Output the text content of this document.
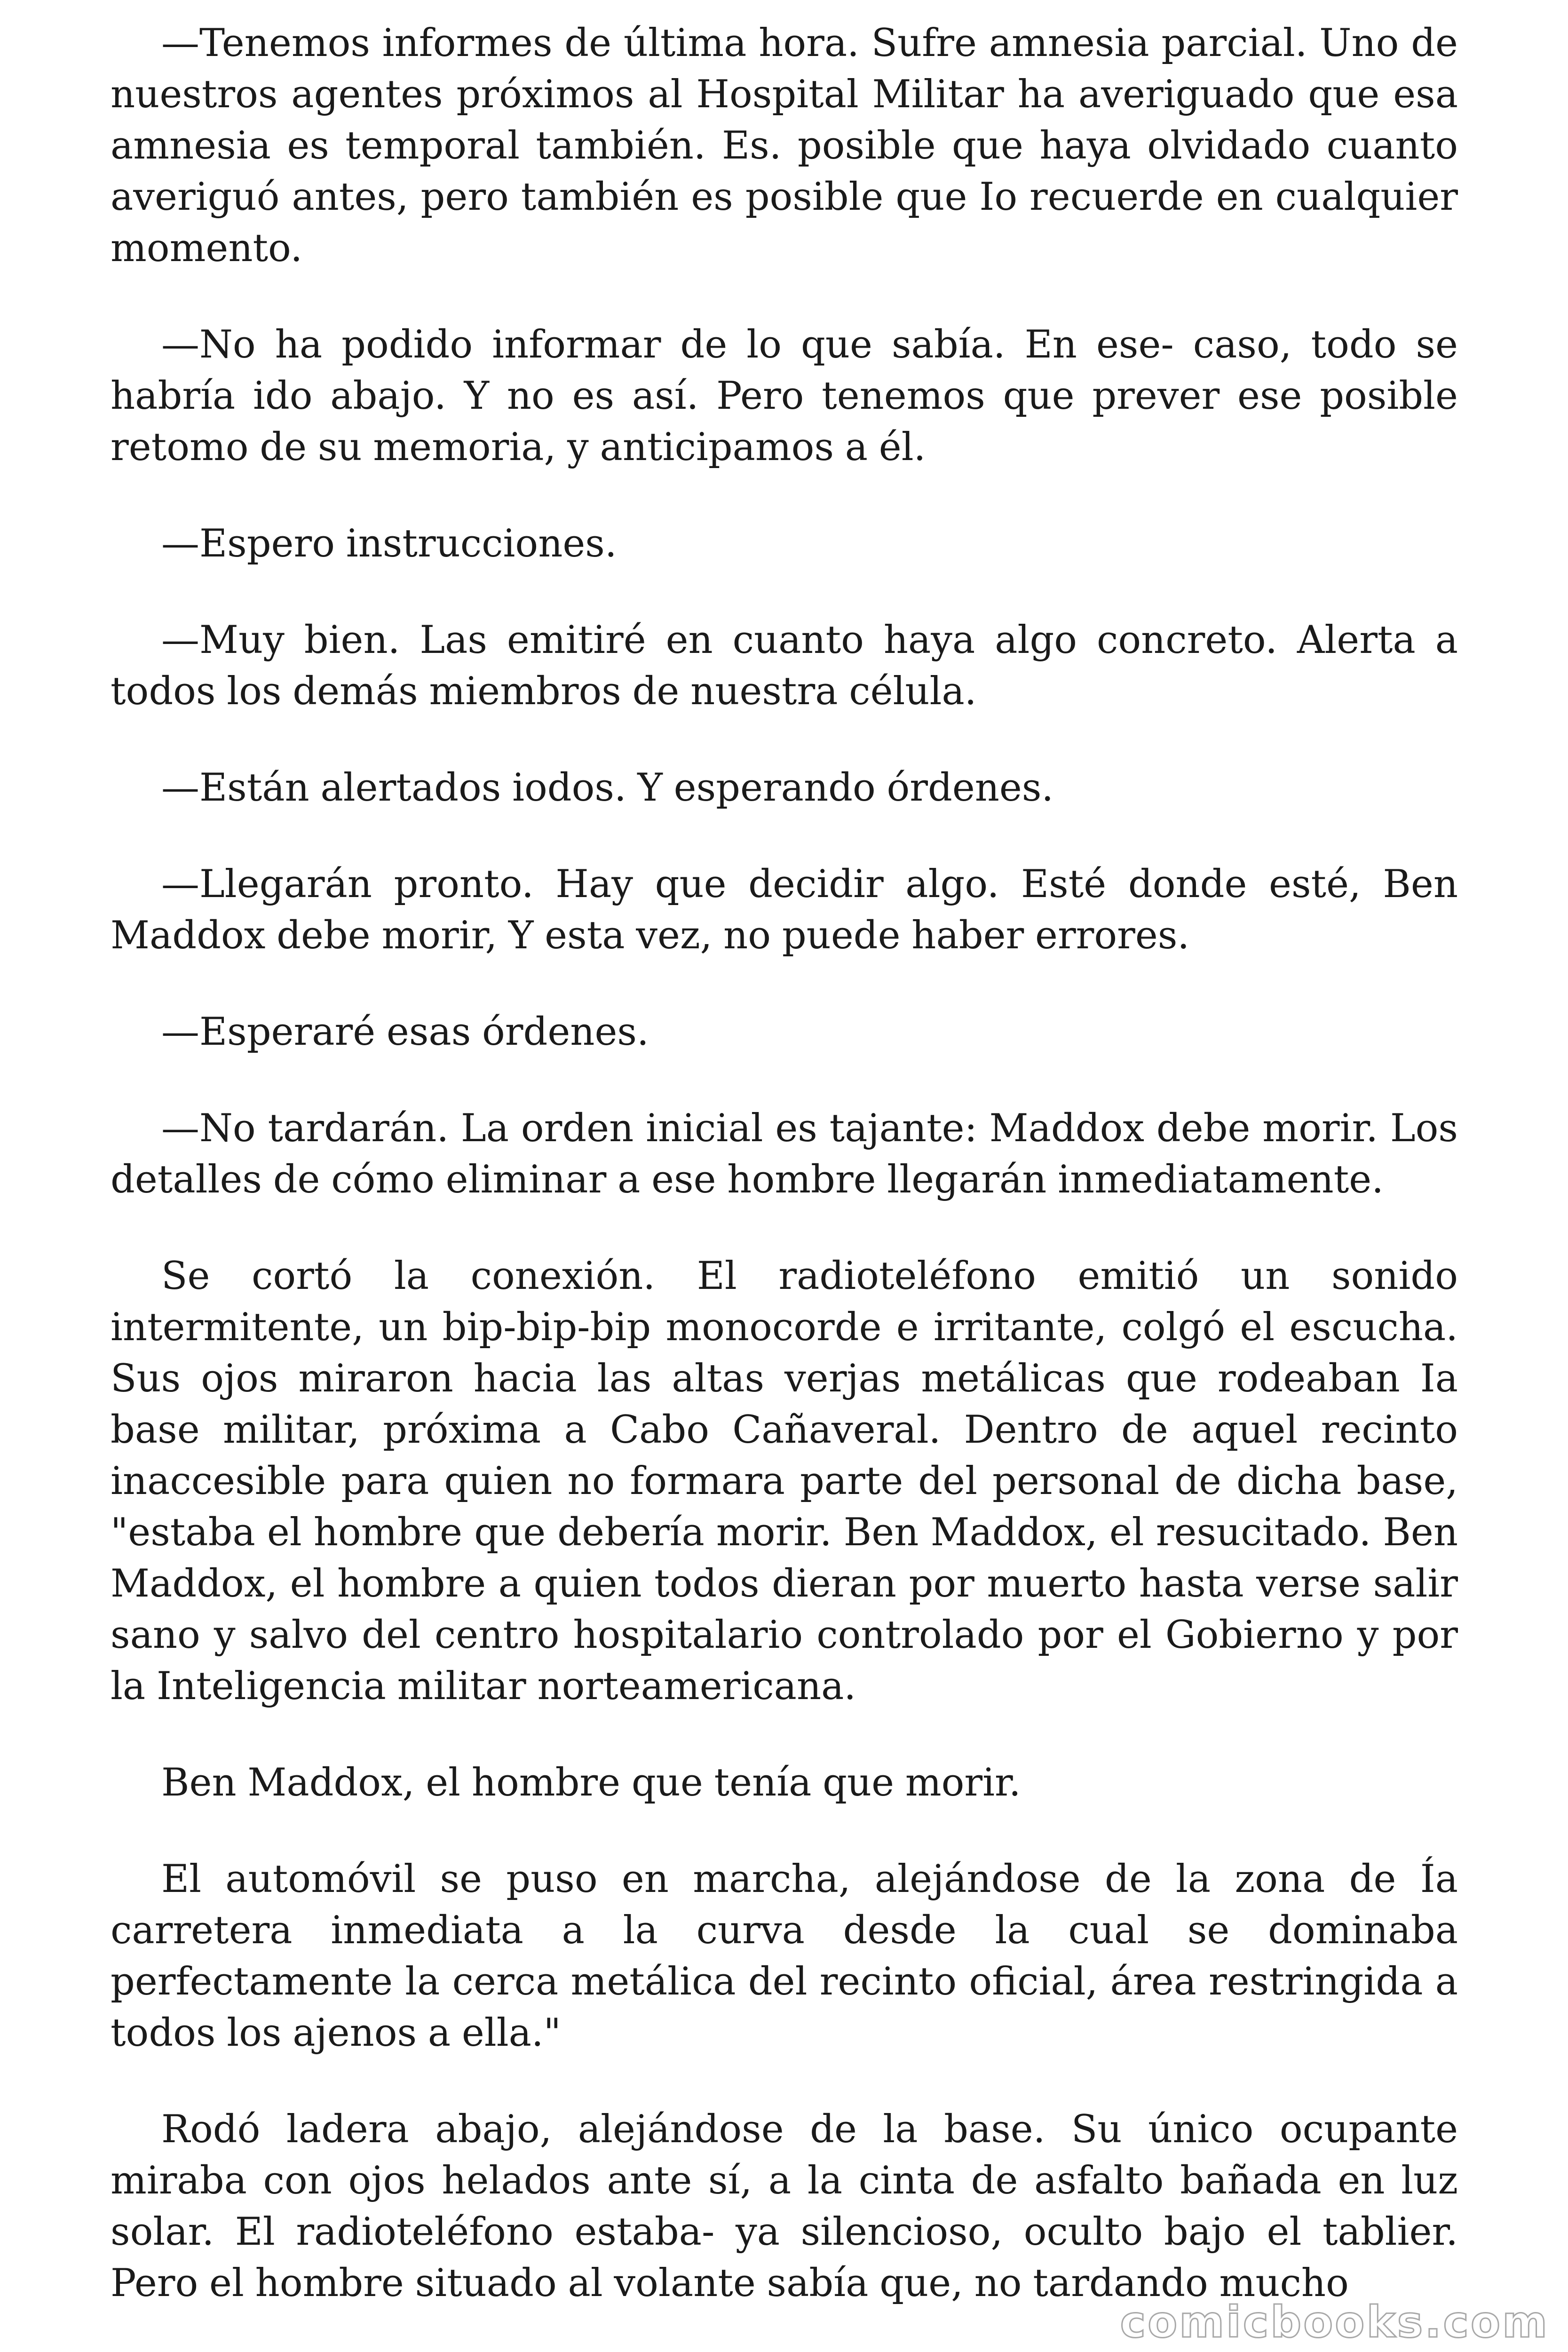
—Tenemos informes de última hora. Sufre amnesia parcial. Uno de nuestros agentes próximos al Hospital Militar ha averiguado que esa amnesia es temporal también. Es. posible que haya olvidado cuanto averiguó antes, pero también es posible que Io recuerde en cualquier momento.

—No ha podido informar de lo que sabía. En ese- caso, todo se habría ido abajo. Y no es así. Pero tenemos que prever ese posible retomo de su memoria, y anticipamos a él.

—Espero instrucciones.

—Muy bien. Las emitiré en cuanto haya algo concreto. Alerta a todos los demás miembros de nuestra célula.

—Están alertados iodos. Y esperando órdenes.

—Llegarán pronto. Hay que decidir algo. Esté donde esté, Ben Maddox debe morir, Y esta vez, no puede haber errores.

—Esperaré esas órdenes.

—No tardarán. La orden inicial es tajante: Maddox debe morir. Los detalles de cómo eliminar a ese hombre llegarán inmediatamente.

Se cortó la conexión. El radioteléfono emitió un sonido intermitente, un bip-bip-bip monocorde e irritante, colgó el escucha. Sus ojos miraron hacia las altas verjas metálicas que rodeaban Ia base militar, próxima a Cabo Cañaveral. Dentro de aquel recinto inaccesible para quien no formara parte del personal de dicha base, "estaba el hombre que debería morir. Ben Maddox, el resucitado. Ben Maddox, el hombre a quien todos dieran por muerto hasta verse salir sano y salvo del centro hospitalario controlado por el Gobierno y por la Inteligencia militar norteamericana.

Ben Maddox, el hombre que tenía que morir.

El automóvil se puso en marcha, alejándose de la zona de Ía carretera inmediata a la curva desde la cual se dominaba perfectamente la cerca metálica del recinto oficial, área restringida a todos los ajenos a ella."

Rodó ladera abajo, alejándose de la base. Su único ocupante miraba con ojos helados ante sí, a la cinta de asfalto bañada en luz solar. El radioteléfono estaba- ya silencioso, oculto bajo el tablier. Pero el hombre situado al volante sabía que, no tardando mucho

comicbooks.com
